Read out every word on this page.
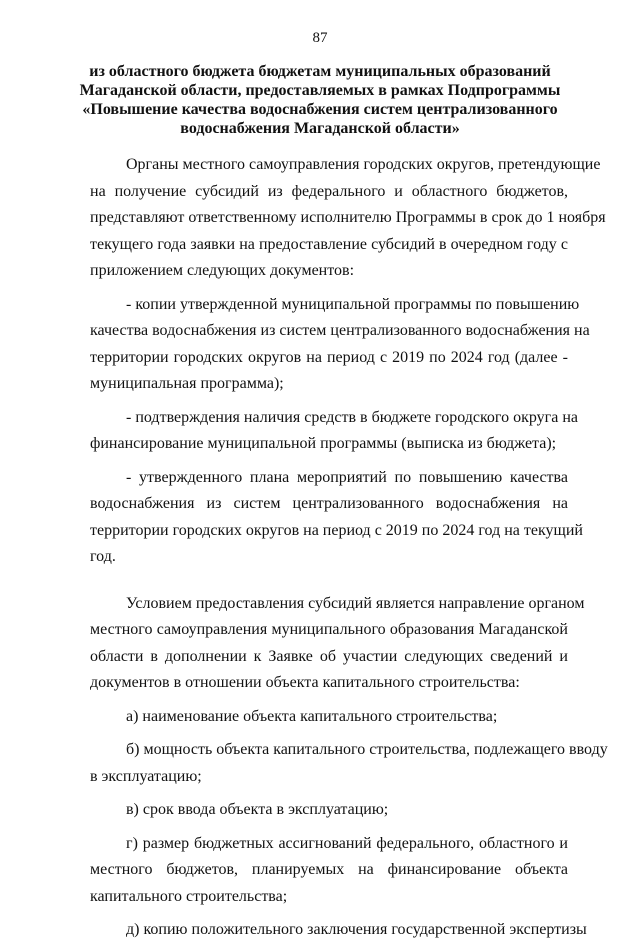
87
из областного бюджета бюджетам муниципальных образований
Магаданской области, предоставляемых в рамках Подпрограммы
«Повышение качества водоснабжения систем централизованного
водоснабжения Магаданской области»
Органы местного самоуправления городских округов, претендующие
на получение субсидий из федерального и областного бюджетов,
представляют ответственному исполнителю Программы в срок до 1 ноября
текущего года заявки на предоставление субсидий в очередном году с
приложением следующих документов:
- копии утвержденной муниципальной программы по повышению
качества водоснабжения из систем централизованного водоснабжения на
территории городских округов на период с 2019 по 2024 год (далее -
муниципальная программа);
- подтверждения наличия средств в бюджете городского округа на
финансирование муниципальной программы (выписка из бюджета);
- утвержденного плана мероприятий по повышению качества
водоснабжения из систем централизованного водоснабжения на
территории городских округов на период с 2019 по 2024 год на текущий
год.
Условием предоставления субсидий является направление органом
местного самоуправления муниципального образования Магаданской
области в дополнении к Заявке об участии следующих сведений и
документов в отношении объекта капитального строительства:
а) наименование объекта капитального строительства;
б) мощность объекта капитального строительства, подлежащего вводу
в эксплуатацию;
в) срок ввода объекта в эксплуатацию;
г) размер бюджетных ассигнований федерального, областного и
местного бюджетов, планируемых на финансирование объекта
капитального строительства;
д) копию положительного заключения государственной экспертизы
